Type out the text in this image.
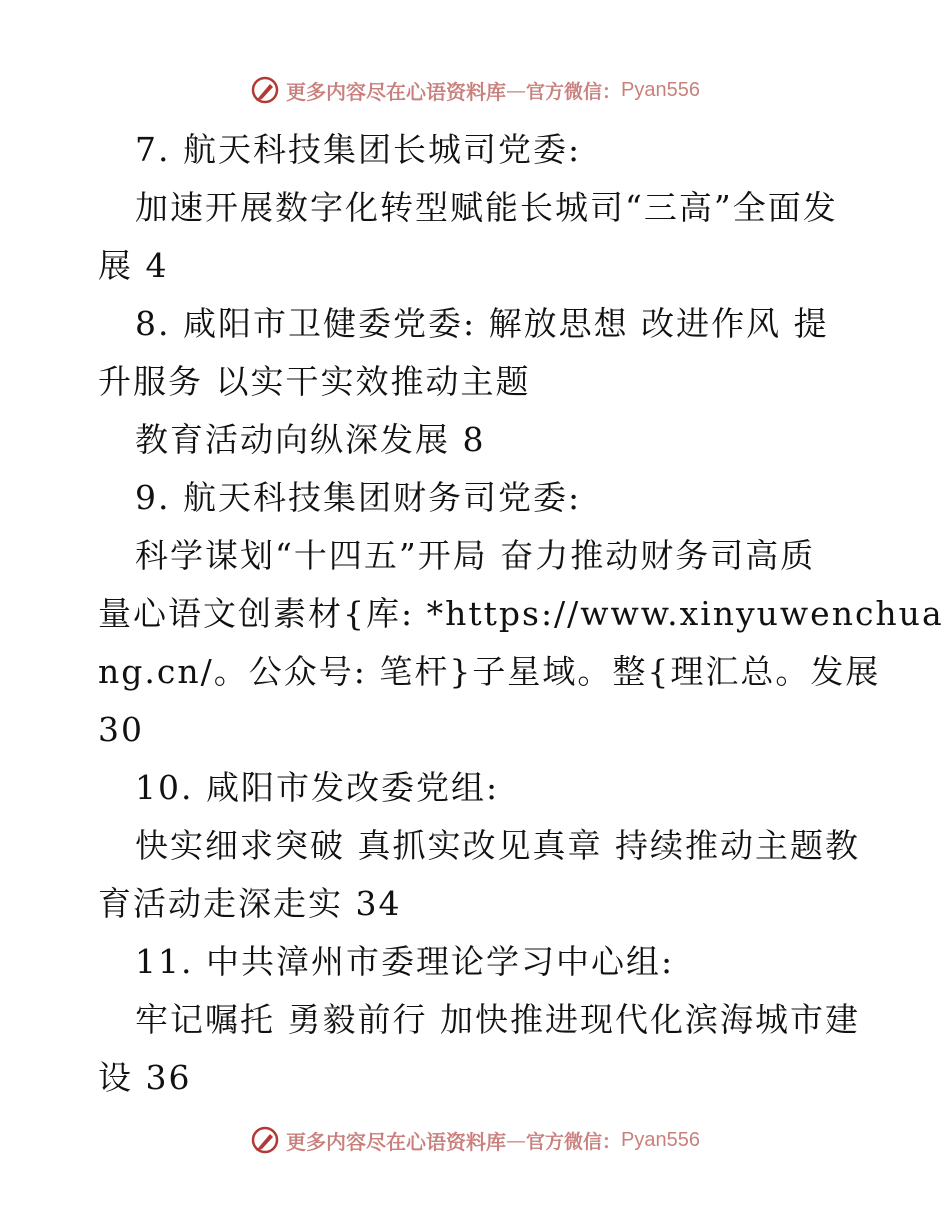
更多内容尽在心语资料库 — 官方微信： Pyan556
7. 航天科技集团长城司党委:
加速开展数字化转型赋能长城司“三高”全面发
展 4
8. 咸阳市卫健委党委: 解放思想 改进作风 提
升服务 以实干实效推动主题
教育活动向纵深发展 8
9. 航天科技集团财务司党委:
科学谋划“十四五”开局 奋力推动财务司高质
量心语文创素材{库: *https://www.xinyuwenchua
ng.cn/。公众号: 笔杆}子星域。整{理汇总。发展
30
10. 咸阳市发改委党组:
快实细求突破 真抓实改见真章 持续推动主题教
育活动走深走实 34
11. 中共漳州市委理论学习中心组:
牢记嘱托 勇毅前行 加快推进现代化滨海城市建
设 36
更多内容尽在心语资料库 — 官方微信： Pyan556
